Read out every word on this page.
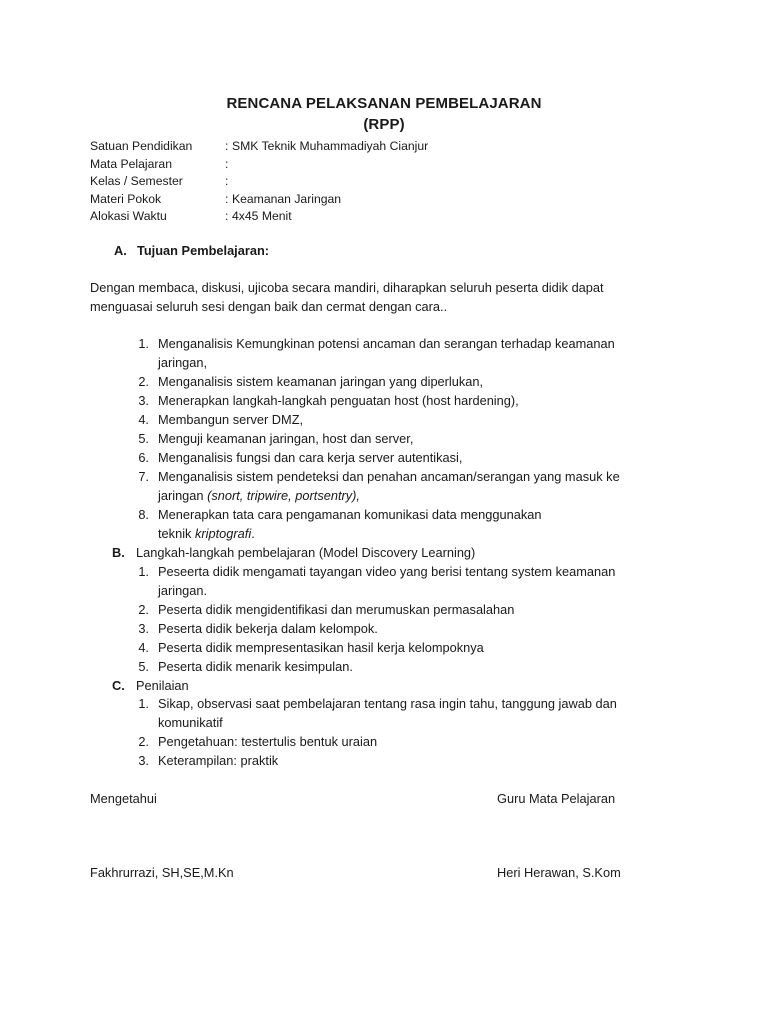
RENCANA PELAKSANAN PEMBELAJARAN
(RPP)
Satuan Pendidikan	: SMK Teknik Muhammadiyah Cianjur
Mata Pelajaran	:
Kelas / Semester	:
Materi Pokok	: Keamanan Jaringan
Alokasi Waktu	: 4x45 Menit
A. Tujuan Pembelajaran:
Dengan membaca, diskusi, ujicoba secara mandiri, diharapkan seluruh peserta didik dapat
menguasai seluruh sesi dengan baik dan cermat dengan cara..
1. Menganalisis Kemungkinan potensi ancaman dan serangan terhadap keamanan
jaringan,
2. Menganalisis sistem keamanan jaringan yang diperlukan,
3. Menerapkan langkah-langkah penguatan host (host hardening),
4. Membangun server DMZ,
5. Menguji keamanan jaringan, host dan server,
6. Menganalisis fungsi dan cara kerja server autentikasi,
7. Menganalisis sistem pendeteksi dan penahan ancaman/serangan yang masuk ke
jaringan (snort, tripwire, portsentry),
8. Menerapkan tata cara pengamanan komunikasi data menggunakan
teknik kriptografi.
B. Langkah-langkah pembelajaran (Model Discovery Learning)
1. Peseerta didik mengamati tayangan video yang berisi tentang system keamanan
jaringan.
2. Peserta didik mengidentifikasi dan merumuskan permasalahan
3. Peserta didik bekerja dalam kelompok.
4. Peserta didik mempresentasikan hasil kerja kelompoknya
5. Peserta didik menarik kesimpulan.
C. Penilaian
1. Sikap, observasi saat pembelajaran tentang rasa ingin tahu, tanggung jawab dan
komunikatif
2. Pengetahuan: testertulis bentuk uraian
3. Keterampilan: praktik
Mengetahui	Guru Mata Pelajaran
Fakhrurrazi, SH,SE,M.Kn	Heri Herawan, S.Kom
